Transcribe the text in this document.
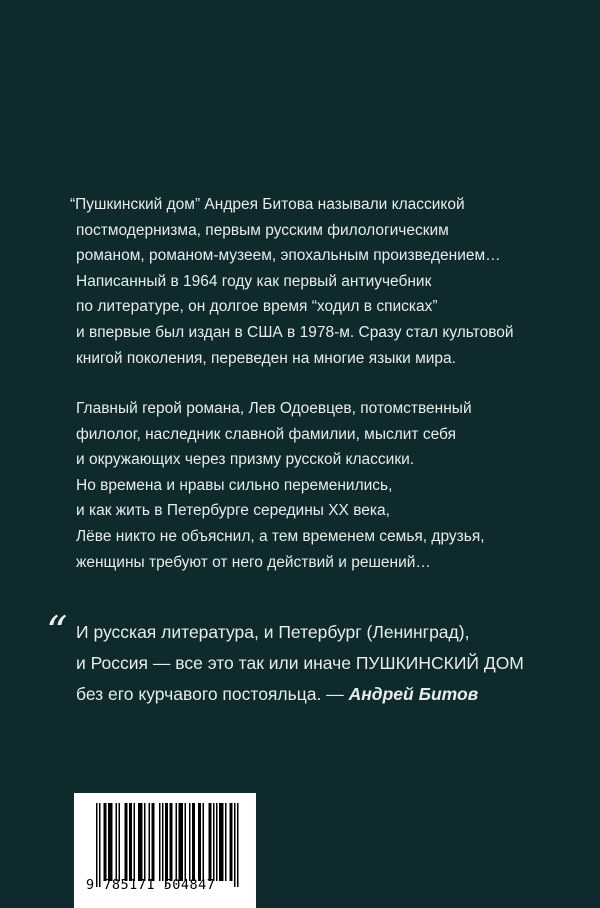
“Пушкинский дом” Андрея Битова называли классикой
постмодернизма, первым русским филологическим
романом, романом-музеем, эпохальным произведением…
Написанный в 1964 году как первый антиучебник
по литературе, он долгое время “ходил в списках”
и впервые был издан в США в 1978-м. Сразу стал культовой
книгой поколения, переведен на многие языки мира.
Главный герой романа, Лев Одоевцев, потомственный
филолог, наследник славной фамилии, мыслит себя
и окружающих через призму русской классики.
Но времена и нравы сильно переменились,
и как жить в Петербурге середины XX века,
Лёве никто не объяснил, а тем временем семья, друзья,
женщины требуют от него действий и решений…
“ И русская литература, и Петербург (Ленинград),
и Россия — все это так или иначе ПУШКИНСКИЙ ДОМ
без его курчавого постояльца. — Андрей Битов
9 785171 504847
